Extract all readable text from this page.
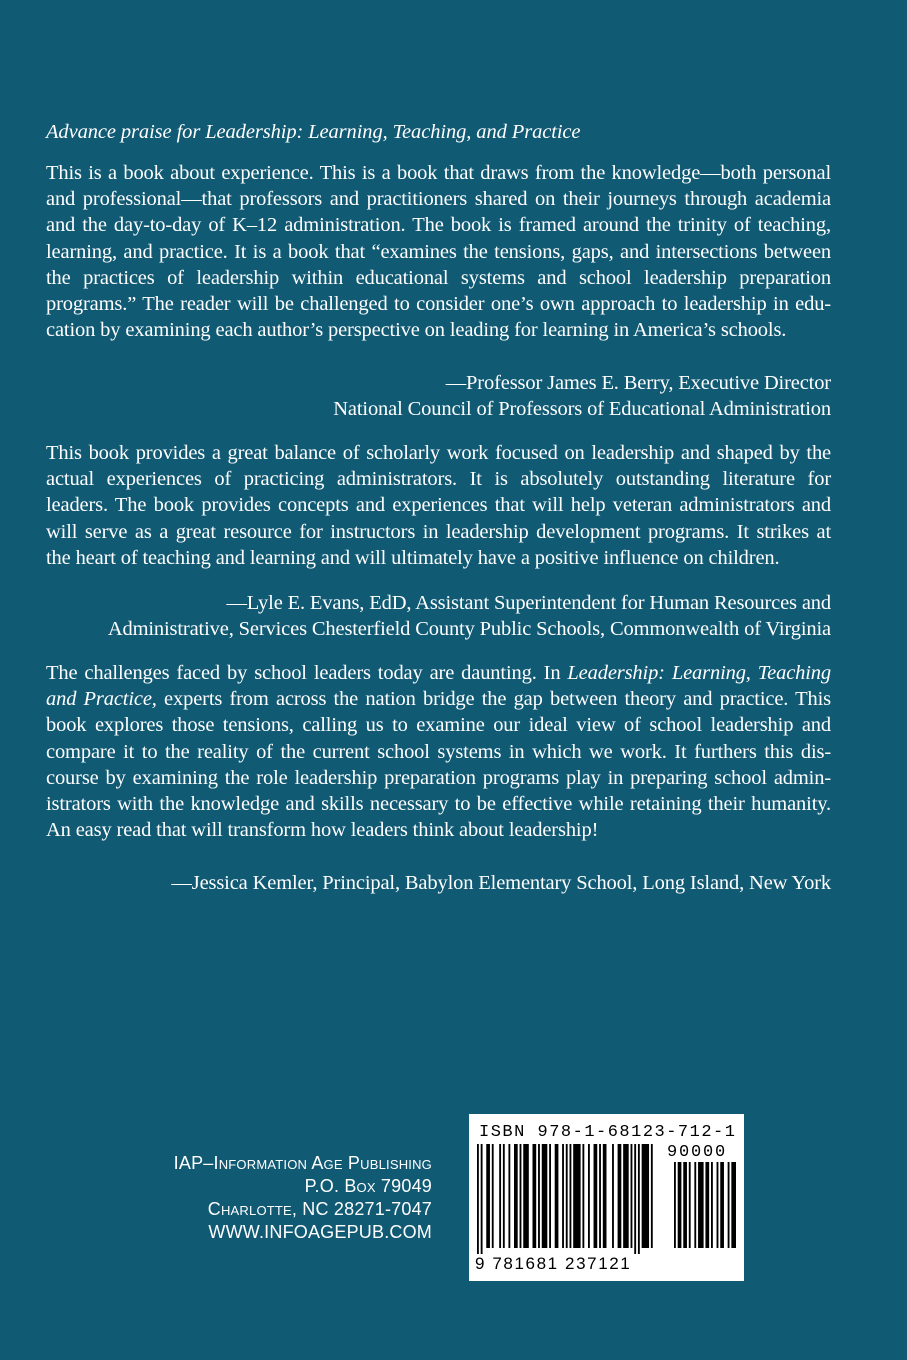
Advance praise for Leadership: Learning, Teaching, and Practice
This is a book about experience. This is a book that draws from the knowledge—both personal
and professional—that professors and practitioners shared on their journeys through academia
and the day-to-day of K–12 administration. The book is framed around the trinity of teaching,
learning, and practice. It is a book that “examines the tensions, gaps, and intersections between
the practices of leadership within educational systems and school leadership preparation
programs.” The reader will be challenged to consider one’s own approach to leadership in edu-
cation by examining each author’s perspective on leading for learning in America’s schools.
—Professor James E. Berry, Executive Director
National Council of Professors of Educational Administration
This book provides a great balance of scholarly work focused on leadership and shaped by the
actual experiences of practicing administrators. It is absolutely outstanding literature for
leaders. The book provides concepts and experiences that will help veteran administrators and
will serve as a great resource for instructors in leadership development programs. It strikes at
the heart of teaching and learning and will ultimately have a positive influence on children.
—Lyle E. Evans, EdD, Assistant Superintendent for Human Resources and
Administrative, Services Chesterfield County Public Schools, Commonwealth of Virginia
The challenges faced by school leaders today are daunting. In Leadership: Learning, Teaching
and Practice, experts from across the nation bridge the gap between theory and practice. This
book explores those tensions, calling us to examine our ideal view of school leadership and
compare it to the reality of the current school systems in which we work. It furthers this dis-
course by examining the role leadership preparation programs play in preparing school admin-
istrators with the knowledge and skills necessary to be effective while retaining their humanity.
An easy read that will transform how leaders think about leadership!
—Jessica Kemler, Principal, Babylon Elementary School, Long Island, New York
IAP–Information Age Publishing
P.O. Box 79049
Charlotte, NC 28271-7047
WWW.INFOAGEPUB.COM
ISBN 978-1-68123-712-1
90000
9 781681 237121
